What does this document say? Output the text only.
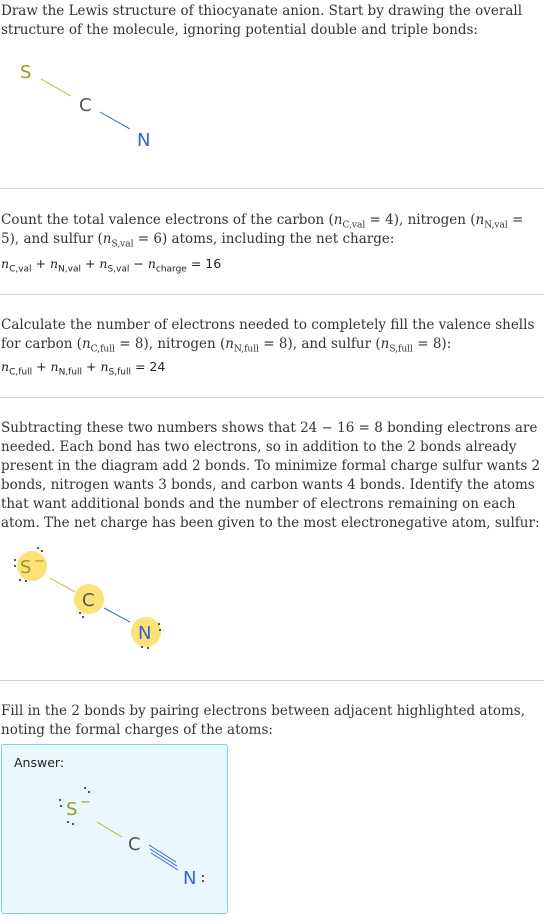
Draw the Lewis structure of thiocyanate anion. Start by drawing the overall structure of the molecule, ignoring potential double and triple bonds:
S
C
N
Count the total valence electrons of the carbon $(n_{C,val} = 4)$, nitrogen $(n_{N,val} = 5)$, and sulfur $(n_{S,val} = 6)$ atoms, including the net charge:
$n_{C,val} + n_{N,val} + n_{S,val} - n_{charge} = 16$
Calculate the number of electrons needed to completely fill the valence shells for carbon $(n_{C,full} = 8)$, nitrogen $(n_{N,full} = 8)$, and sulfur $(n_{S,full} = 8)$:
$n_{C,full} + n_{N,full} + n_{S,full} = 24$
Subtracting these two numbers shows that 24 − 16 = 8 bonding electrons are needed. Each bond has two electrons, so in addition to the 2 bonds already present in the diagram add 2 bonds. To minimize formal charge sulfur wants 2 bonds, nitrogen wants 3 bonds, and carbon wants 4 bonds. Identify the atoms that want additional bonds and the number of electrons remaining on each atom. The net charge has been given to the most electronegative atom, sulfur:
S −
C
N
Fill in the 2 bonds by pairing electrons between adjacent highlighted atoms, noting the formal charges of the atoms:
Answer:
S −
C
N
